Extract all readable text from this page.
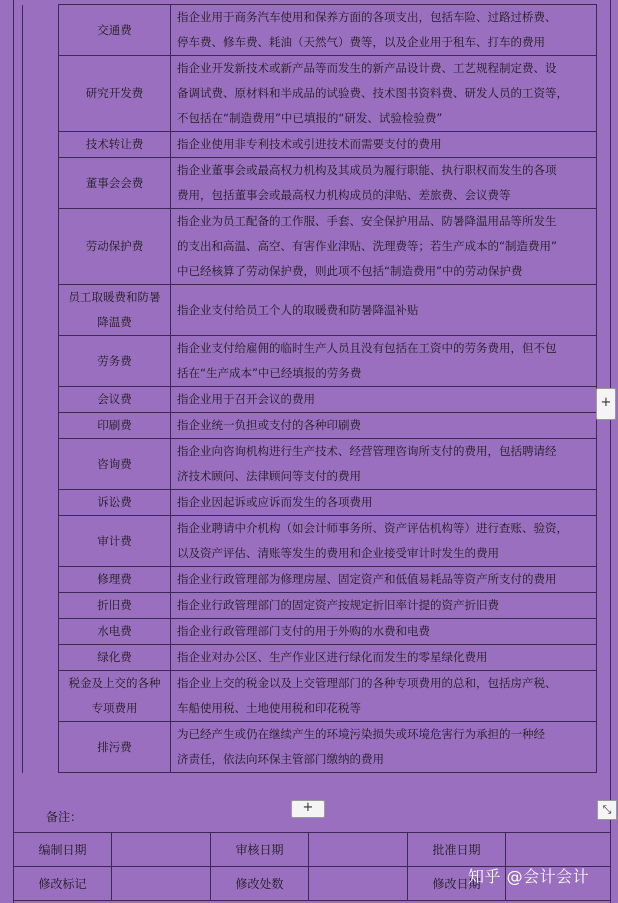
	交通费	指企业用于商务汽车使用和保养方面的各项支出，包括车险、过路过桥费、
停车费、修车费、耗油（天然气）费等，以及企业用于租车、打车的费用

	研究开发费	指企业开发新技术或新产品等而发生的新产品设计费、工艺规程制定费、设
备调试费、原材料和半成品的试验费、技术图书资料费、研发人员的工资等，
不包括在“制造费用”中已填报的“研发、试验检验费”

	技术转让费	指企业使用非专利技术或引进技术而需要支付的费用

	董事会会费	指企业董事会或最高权力机构及其成员为履行职能、执行职权而发生的各项
费用，包括董事会或最高权力机构成员的津贴、差旅费、会议费等

	劳动保护费	指企业为员工配备的工作服、手套、安全保护用品、防暑降温用品等所发生
的支出和高温、高空、有害作业津贴、洗理费等；若生产成本的“制造费用”
中已经核算了劳动保护费，则此项不包括“制造费用”中的劳动保护费

	员工取暖费和防暑降温费	指企业支付给员工个人的取暖费和防暑降温补贴

	劳务费	指企业支付给雇佣的临时生产人员且没有包括在工资中的劳务费用，但不包
括在“生产成本”中已经填报的劳务费

	会议费	指企业用于召开会议的费用

	印刷费	指企业统一负担或支付的各种印刷费

	咨询费	指企业向咨询机构进行生产技术、经营管理咨询所支付的费用，包括聘请经
济技术顾问、法律顾问等支付的费用

	诉讼费	指企业因起诉或应诉而发生的各项费用

	审计费	指企业聘请中介机构（如会计师事务所、资产评估机构等）进行查账、验资，
以及资产评估、清账等发生的费用和企业接受审计时发生的费用

	修理费	指企业行政管理部为修理房屋、固定资产和低值易耗品等资产所支付的费用

	折旧费	指企业行政管理部门的固定资产按规定折旧率计提的资产折旧费

	水电费	指企业行政管理部门支付的用于外购的水费和电费

	绿化费	指企业对办公区、生产作业区进行绿化而发生的零星绿化费用

	税金及上交的各种专项费用	指企业上交的税金以及上交管理部门的各种专项费用的总和，包括房产税、
车船使用税、土地使用税和印花税等

	排污费	为已经产生或仍在继续产生的环境污染损失或环境危害行为承担的一种经
济责任，依法向环保主管部门缴纳的费用
+
备注：
+	⤡
编制日期		审核日期		批准日期	
修改标记		修改处数		修改日期	
知乎 @会计会计
